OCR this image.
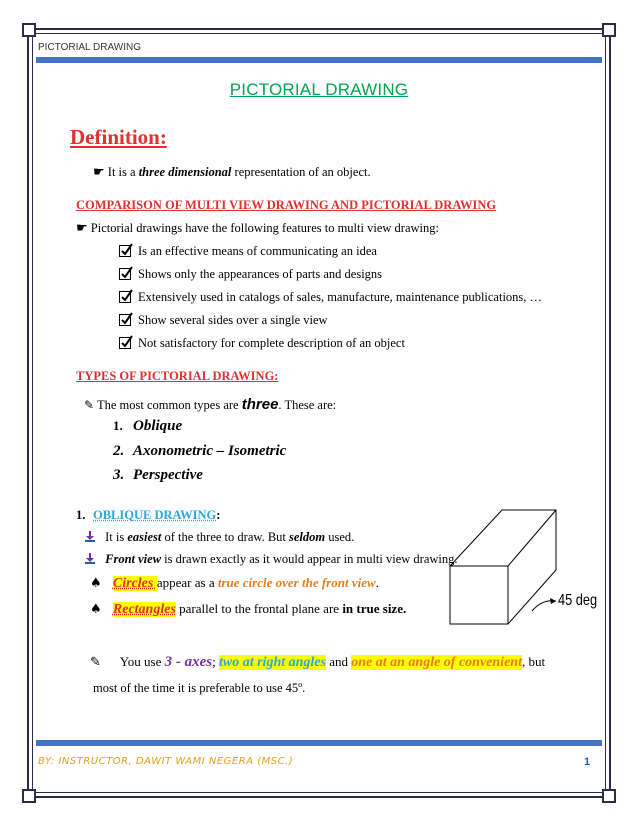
PICTORIAL DRAWING
PICTORIAL DRAWING
Definition:
☛ It is a three dimensional representation of an object.
COMPARISON OF MULTI VIEW DRAWING AND PICTORIAL DRAWING
☛ Pictorial drawings have the following features to multi view drawing:
Is an effective means of communicating an idea
Shows only the appearances of parts and designs
Extensively used in catalogs of sales, manufacture, maintenance publications, …
Show several sides over a single view
Not satisfactory for complete description of an object
TYPES OF PICTORIAL DRAWING:
✎ The most common types are three. These are:
1. Oblique
2. Axonometric – Isometric
3. Perspective
1. OBLIQUE DRAWING:
It is easiest of the three to draw. But seldom used.
Front view is drawn exactly as it would appear in multi view drawing.
♠ Circles appear as a true circle over the front view.
♠ Rectangles parallel to the frontal plane are in true size.	45 deg
✎ You use 3 - axes; two at right angles and one at an angle of convenient, but
most of the time it is preferable to use 45$^o$.
BY: INSTRUCTOR, DAWIT WAMI NEGERA (MSC.)	1
